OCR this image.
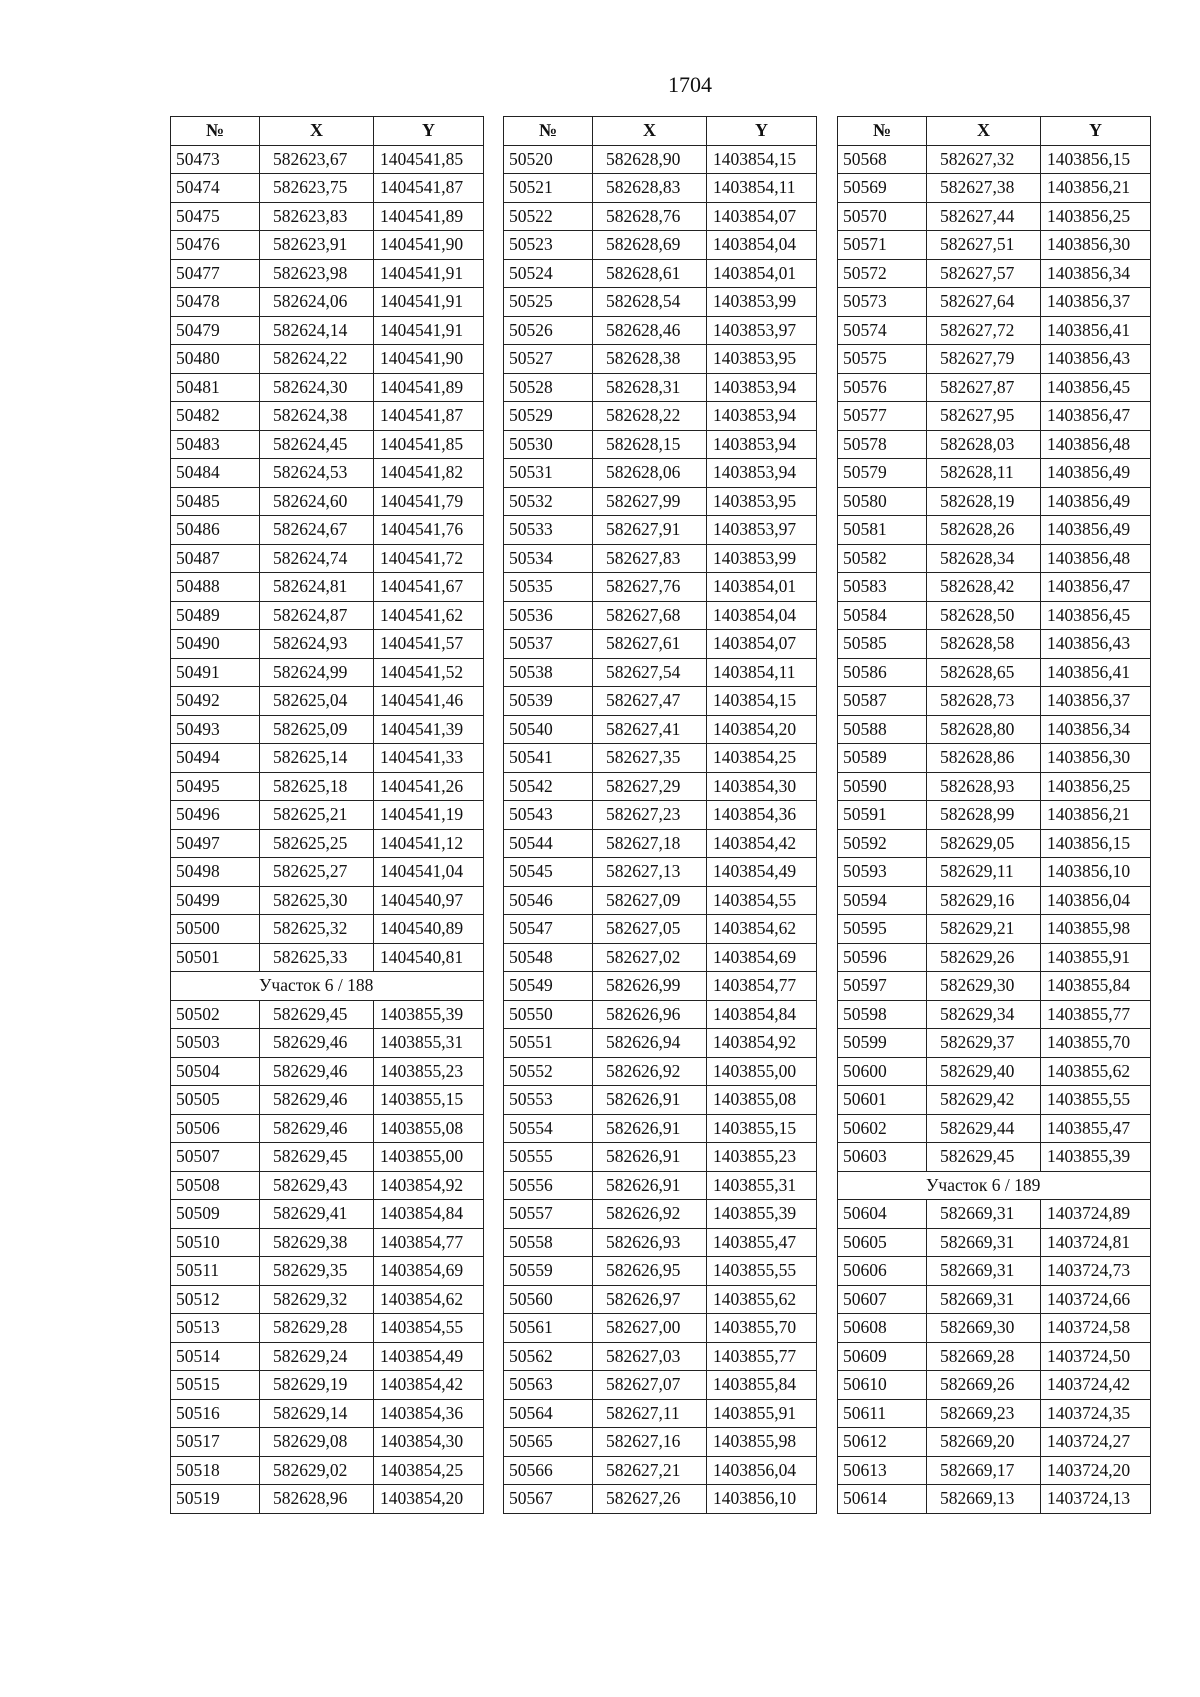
1704
№	X	Y
50473	582623,67	1404541,85
50474	582623,75	1404541,87
50475	582623,83	1404541,89
50476	582623,91	1404541,90
50477	582623,98	1404541,91
50478	582624,06	1404541,91
50479	582624,14	1404541,91
50480	582624,22	1404541,90
50481	582624,30	1404541,89
50482	582624,38	1404541,87
50483	582624,45	1404541,85
50484	582624,53	1404541,82
50485	582624,60	1404541,79
50486	582624,67	1404541,76
50487	582624,74	1404541,72
50488	582624,81	1404541,67
50489	582624,87	1404541,62
50490	582624,93	1404541,57
50491	582624,99	1404541,52
50492	582625,04	1404541,46
50493	582625,09	1404541,39
50494	582625,14	1404541,33
50495	582625,18	1404541,26
50496	582625,21	1404541,19
50497	582625,25	1404541,12
50498	582625,27	1404541,04
50499	582625,30	1404540,97
50500	582625,32	1404540,89
50501	582625,33	1404540,81
Участок 6 / 188		
50502	582629,45	1403855,39
50503	582629,46	1403855,31
50504	582629,46	1403855,23
50505	582629,46	1403855,15
50506	582629,46	1403855,08
50507	582629,45	1403855,00
50508	582629,43	1403854,92
50509	582629,41	1403854,84
50510	582629,38	1403854,77
50511	582629,35	1403854,69
50512	582629,32	1403854,62
50513	582629,28	1403854,55
50514	582629,24	1403854,49
50515	582629,19	1403854,42
50516	582629,14	1403854,36
50517	582629,08	1403854,30
50518	582629,02	1403854,25
50519	582628,96	1403854,20
№	X	Y
50520	582628,90	1403854,15
50521	582628,83	1403854,11
50522	582628,76	1403854,07
50523	582628,69	1403854,04
50524	582628,61	1403854,01
50525	582628,54	1403853,99
50526	582628,46	1403853,97
50527	582628,38	1403853,95
50528	582628,31	1403853,94
50529	582628,22	1403853,94
50530	582628,15	1403853,94
50531	582628,06	1403853,94
50532	582627,99	1403853,95
50533	582627,91	1403853,97
50534	582627,83	1403853,99
50535	582627,76	1403854,01
50536	582627,68	1403854,04
50537	582627,61	1403854,07
50538	582627,54	1403854,11
50539	582627,47	1403854,15
50540	582627,41	1403854,20
50541	582627,35	1403854,25
50542	582627,29	1403854,30
50543	582627,23	1403854,36
50544	582627,18	1403854,42
50545	582627,13	1403854,49
50546	582627,09	1403854,55
50547	582627,05	1403854,62
50548	582627,02	1403854,69
50549	582626,99	1403854,77
50550	582626,96	1403854,84
50551	582626,94	1403854,92
50552	582626,92	1403855,00
50553	582626,91	1403855,08
50554	582626,91	1403855,15
50555	582626,91	1403855,23
50556	582626,91	1403855,31
50557	582626,92	1403855,39
50558	582626,93	1403855,47
50559	582626,95	1403855,55
50560	582626,97	1403855,62
50561	582627,00	1403855,70
50562	582627,03	1403855,77
50563	582627,07	1403855,84
50564	582627,11	1403855,91
50565	582627,16	1403855,98
50566	582627,21	1403856,04
50567	582627,26	1403856,10
№	X	Y
50568	582627,32	1403856,15
50569	582627,38	1403856,21
50570	582627,44	1403856,25
50571	582627,51	1403856,30
50572	582627,57	1403856,34
50573	582627,64	1403856,37
50574	582627,72	1403856,41
50575	582627,79	1403856,43
50576	582627,87	1403856,45
50577	582627,95	1403856,47
50578	582628,03	1403856,48
50579	582628,11	1403856,49
50580	582628,19	1403856,49
50581	582628,26	1403856,49
50582	582628,34	1403856,48
50583	582628,42	1403856,47
50584	582628,50	1403856,45
50585	582628,58	1403856,43
50586	582628,65	1403856,41
50587	582628,73	1403856,37
50588	582628,80	1403856,34
50589	582628,86	1403856,30
50590	582628,93	1403856,25
50591	582628,99	1403856,21
50592	582629,05	1403856,15
50593	582629,11	1403856,10
50594	582629,16	1403856,04
50595	582629,21	1403855,98
50596	582629,26	1403855,91
50597	582629,30	1403855,84
50598	582629,34	1403855,77
50599	582629,37	1403855,70
50600	582629,40	1403855,62
50601	582629,42	1403855,55
50602	582629,44	1403855,47
50603	582629,45	1403855,39
Участок 6 / 189		
50604	582669,31	1403724,89
50605	582669,31	1403724,81
50606	582669,31	1403724,73
50607	582669,31	1403724,66
50608	582669,30	1403724,58
50609	582669,28	1403724,50
50610	582669,26	1403724,42
50611	582669,23	1403724,35
50612	582669,20	1403724,27
50613	582669,17	1403724,20
50614	582669,13	1403724,13
